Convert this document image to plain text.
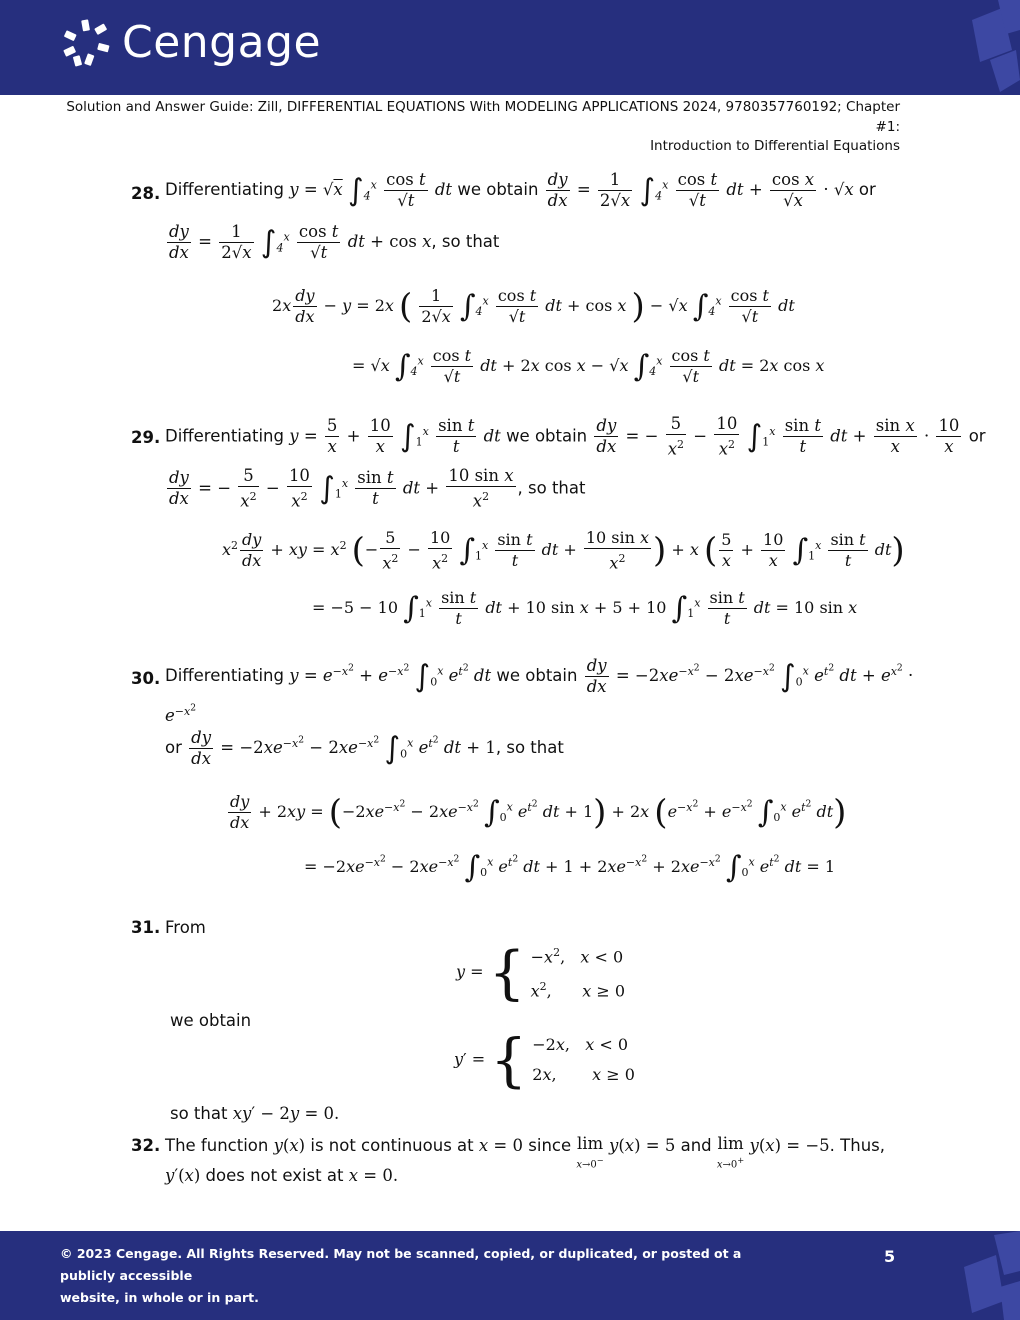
Cengage
Solution and Answer Guide: Zill, DIFFERENTIAL EQUATIONS With MODELING APPLICATIONS 2024, 9780357760192; Chapter #1:
Introduction to Differential Equations
28. Differentiating y = √x $\int_4^x \frac{\text{cos t}}{√t}$ dt we obtain $\frac{dy}{dx} = \frac{1}{2√x} \int_4^x \frac{\text{cos t}}{√t}$ dt + $\frac{\text{cos x}}{√x} \cdot √x$ or
$\frac{dy}{dx} = \frac{1}{2√x} \int_4^x \frac{\text{cos t}}{√t}$ dt + cos x, so that
$2x \frac{dy}{dx} - y = 2x$ ( $\frac{1}{2√x} \int_4^x \frac{\text{cos t}}{√t}$ dt + cos x ) − √x $\int_4^x \frac{\text{cos t}}{√t}$ dt
= √x $\int_4^x \frac{\text{cos t}}{√t}$ dt + 2x cos x − √x $\int_4^x \frac{\text{cos t}}{√t}$ dt = 2x cos x
29. Differentiating $y = \frac{5}{x} + \frac{10}{x} \int_1^x \frac{\text{sin t}}{t}$ dt we obtain $\frac{dy}{dx}$ = − $\frac{5}{x^2} - \frac{10}{x^2} \int_1^x \frac{\text{sin t}}{t}$ dt + $\frac{\text{sin x}}{x} \cdot \frac{10}{x}$ or
$\frac{dy}{dx}$ = − $\frac{5}{x^2} - \frac{10}{x^2} \int_1^x \frac{\text{sin t}}{t}$ dt + $\frac{\text{10 sin x}}{x^2}$ , so that
$x^2 \frac{dy}{dx}$ + xy = $x^2$ (− $\frac{5}{x^2} - \frac{10}{x^2} \int_1^x \frac{\text{sin t}}{t}$ dt + $\frac{\text{10 sin x}}{x^2}$ ) + x ( $\frac{5}{x} + \frac{10}{x} \int_1^x \frac{\text{sin t}}{t} dt$)
= −5 − 10 $\int_1^x \frac{\text{sin t}}{t}$ dt + 10 sin x + 5 + 10 $\int_1^x \frac{\text{sin t}}{t}$ dt = 10 sin x
30. Differentiating $y = e^{-x^2} + e^{-x^2}$ $\int_0^x$ $e^{t^2}$ dt we obtain $\frac{dy}{dx} = -2xe^{-x^2} - 2xe^{-x^2}$ $\int_0^x$ $e^{t^2}$ dt + $e^{x^2}$ ·
$e^{-x^2}$
or $\frac{dy}{dx} = -2xe^{-x^2} - 2xe^{-x^2}$ $\int_0^x$ $e^{t^2}$ dt + 1, so that
$\frac{dy}{dx} + 2xy = (-2xe^{-x^2} - 2xe^{-x^2}$ $\int_0^x$ $e^{t^2}$ dt + 1) + 2x ($e^{-x^2} + e^{-x^2}$ $\int_0^x$ $e^{t^2}$ dt)
= $-2xe^{-x^2} - 2xe^{-x^2}$ $\int_0^x$ $e^{t^2}$ dt + $1 + 2xe^{-x^2} + 2xe^{-x^2}$ $\int_0^x$ $e^{t^2}$ dt = 1
31. From
y = { $-x^2$,   x < 0
$x^2$,      x ≥ 0
we obtain
y′ = { −2x,   x < 0
2x,       x ≥ 0
so that xy′ − 2y = 0.
32. The function y(x) is not continuous at x = 0 since lim
x→0−
y(x) = 5 and lim
x→0+
y(x) = −5. Thus,
y′(x) does not exist at x = 0.
© 2023 Cengage. All Rights Reserved. May not be scanned, copied, or duplicated, or posted ot a publicly accessible
website, in whole or in part.
5
